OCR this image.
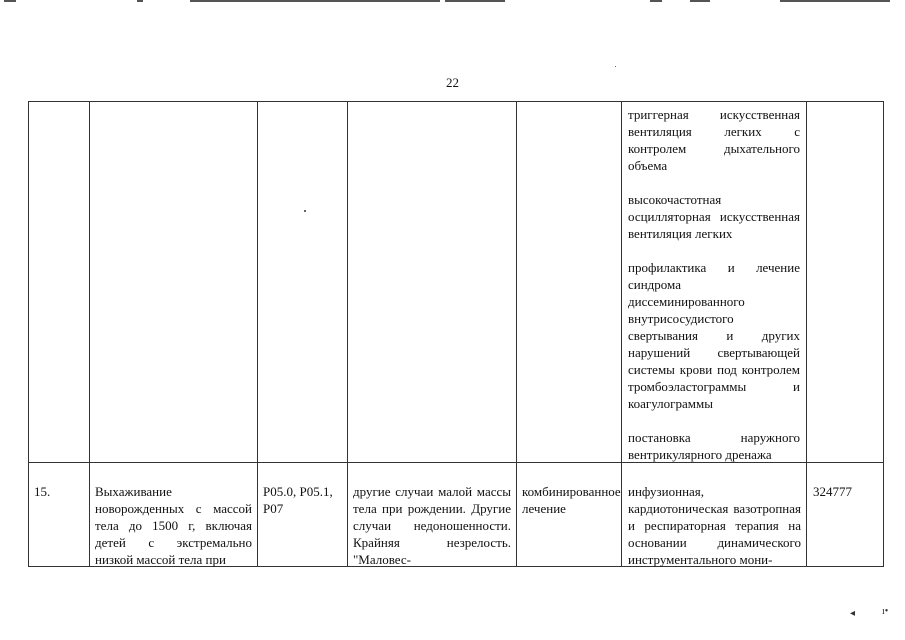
22

триггерная искусственная вентиляция легких с контролем дыхательного объема

высокочастотная осцилляторная искусственная вентиляция легких

профилактика и лечение синдрома диссеминированного внутрисосудистого свертывания и других нарушений свертывающей системы крови под контролем тромбоэластограммы и коагулограммы

постановка наружного вентрикулярного дренажа

15.	Выхаживание новорожденных с массой тела до 1500 г, включая детей с экстремально низкой массой тела при
P05.0, P05.1, P07
другие случаи малой массы тела при рождении. Другие случаи недоношенности. Крайняя незрелость. "Маловес-
комбинированное лечение
инфузионная, кардиотоническая вазотропная и респираторная терапия на основании динамического инструментального мони-
324777
◂	ı•
